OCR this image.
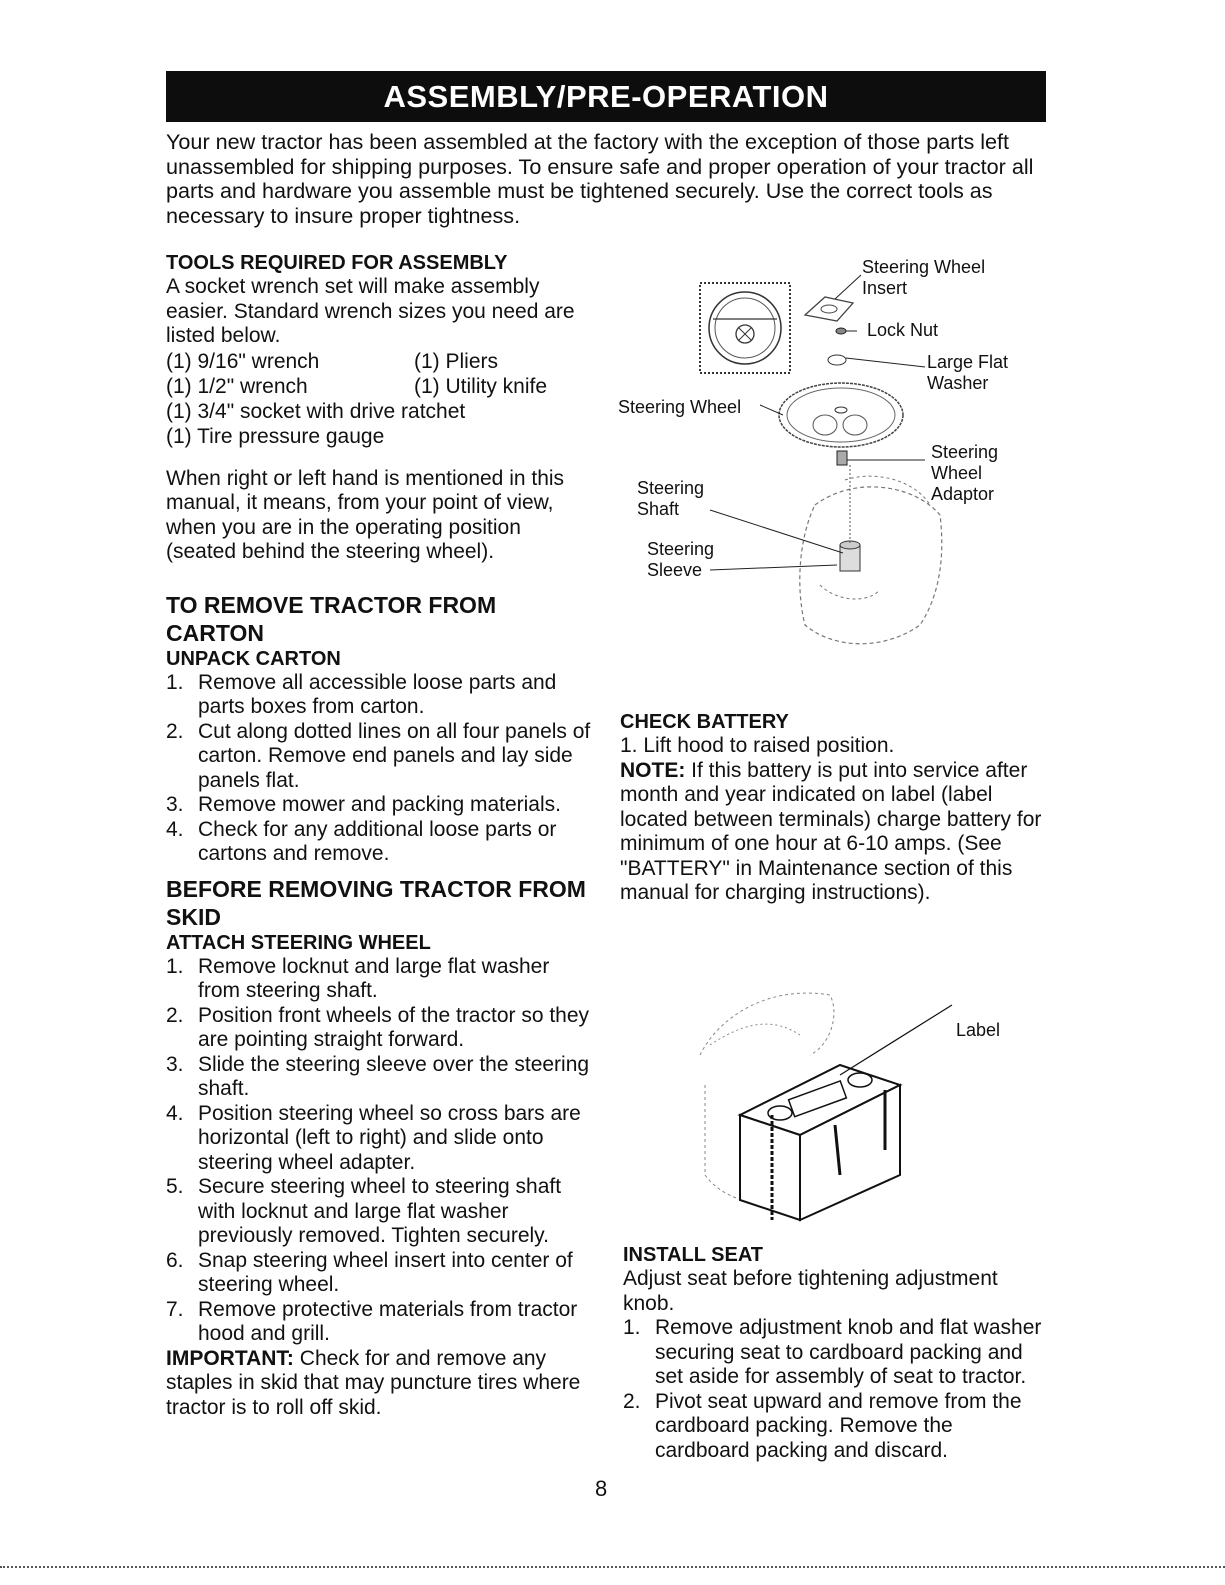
ASSEMBLY/PRE-OPERATION

Your new tractor has been assembled at the factory with the exception of those parts left unassembled for shipping purposes. To ensure safe and proper operation of your tractor all parts and hardware you assemble must be tightened securely. Use the correct tools as necessary to insure proper tightness.

TOOLS REQUIRED FOR ASSEMBLY

A socket wrench set will make assembly easier. Standard wrench sizes you need are listed below.

(1) 9/16" wrench	(1) Pliers
(1) 1/2" wrench	(1) Utility knife
(1) 3/4" socket with drive ratchet
(1) Tire pressure gauge

When right or left hand is mentioned in this manual, it means, from your point of view, when you are in the operating position (seated behind the steering wheel).

TO REMOVE TRACTOR FROM CARTON

UNPACK CARTON

1. Remove all accessible loose parts and parts boxes from carton.
2. Cut along dotted lines on all four panels of carton. Remove end panels and lay side panels flat.
3. Remove mower and packing materials.
4. Check for any additional loose parts or cartons and remove.

BEFORE REMOVING TRACTOR FROM SKID

ATTACH STEERING WHEEL

1. Remove locknut and large flat washer from steering shaft.
2. Position front wheels of the tractor so they are pointing straight forward.
3. Slide the steering sleeve over the steering shaft.
4. Position steering wheel so cross bars are horizontal (left to right) and slide onto steering wheel adapter.
5. Secure steering wheel to steering shaft with locknut and large flat washer previously removed. Tighten securely.
6. Snap steering wheel insert into center of steering wheel.
7. Remove protective materials from tractor hood and grill.

IMPORTANT: Check for and remove any staples in skid that may puncture tires where tractor is to roll off skid.

Steering Wheel
Insert
Lock Nut
Large Flat
Washer
Steering Wheel
Steering
Wheel
Adaptor
Steering
Shaft
Steering
Sleeve

CHECK BATTERY

1. Lift hood to raised position.

NOTE: If this battery is put into service after month and year indicated on label (label located between terminals) charge battery for minimum of one hour at 6-10 amps. (See "BATTERY" in Maintenance section of this manual for charging instructions).

Label

INSTALL SEAT

Adjust seat before tightening adjustment knob.

1. Remove adjustment knob and flat washer securing seat to cardboard packing and set aside for assembly of seat to tractor.
2. Pivot seat upward and remove from the cardboard packing. Remove the cardboard packing and discard.
8
